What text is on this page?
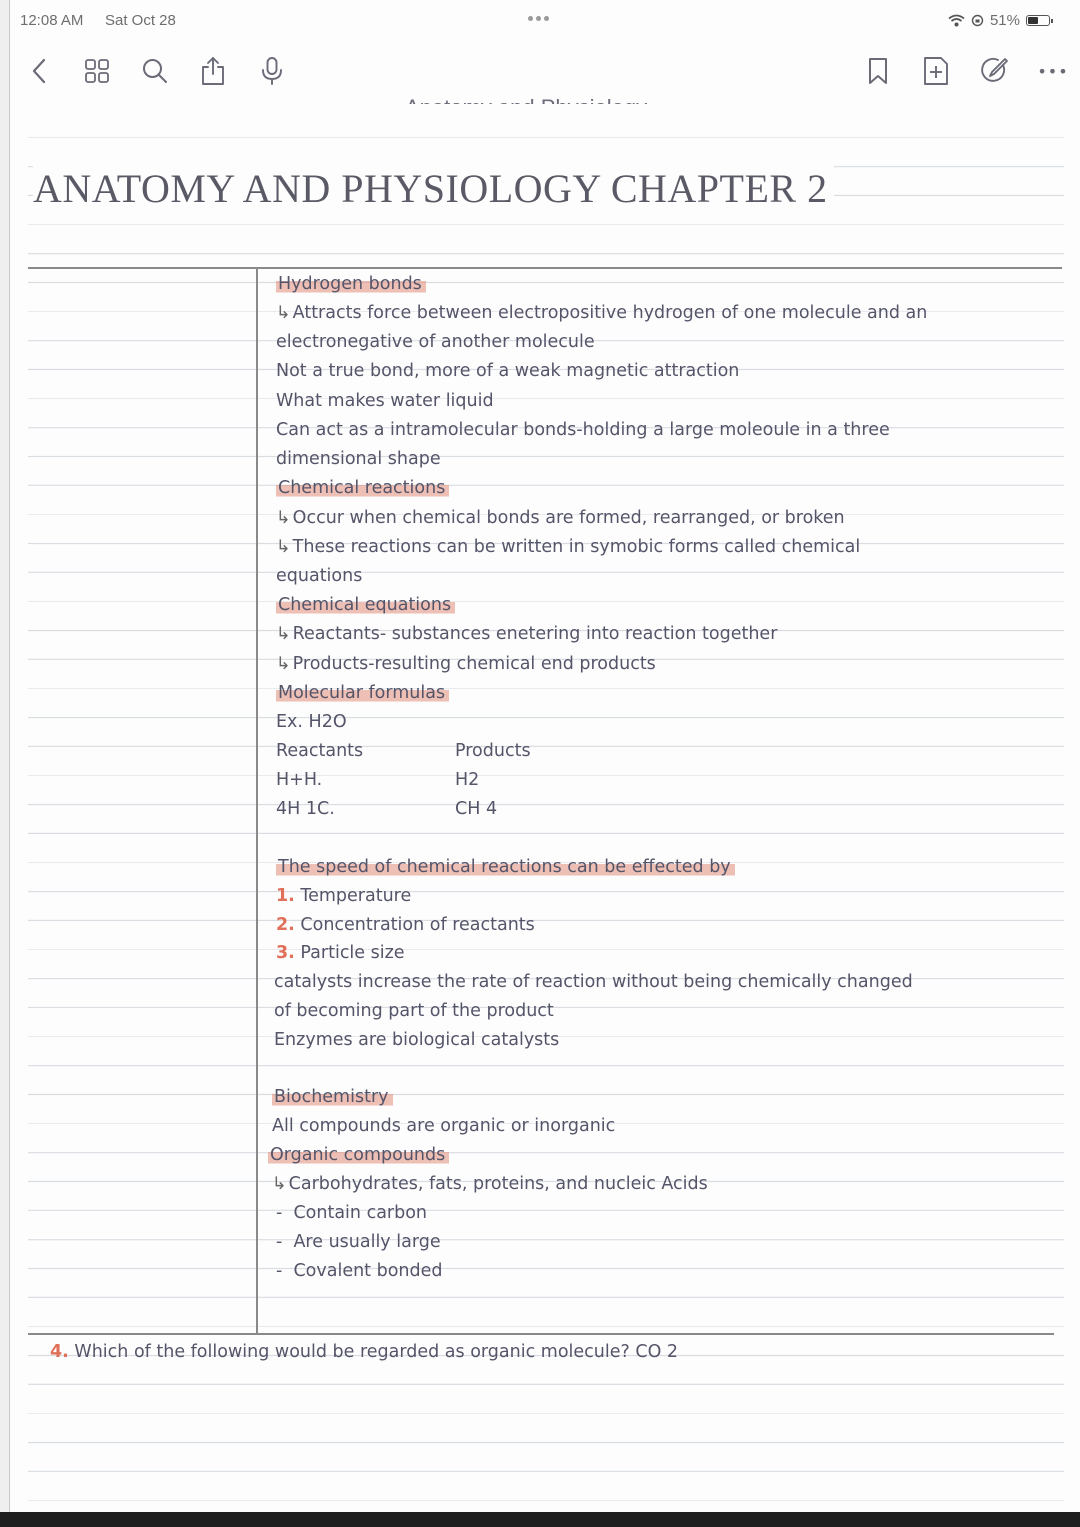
12:08 AM Sat Oct 28	51%
•••
ANATOMY AND PHYSIOLOGY CHAPTER 2
Hydrogen bonds
↳ Attracts force between electropositive hydrogen of one molecule and an
electronegative of another molecule
Not a true bond, more of a weak magnetic attraction
What makes water liquid
Can act as a intramolecular bonds-holding a large moleoule in a three
dimensional shape
Chemical reactions
↳ Occur when chemical bonds are formed, rearranged, or broken
↳ These reactions can be written in symobic forms called chemical
equations
Chemical equations
↳ Reactants- substances enetering into reaction together
↳ Products-resulting chemical end products
Molecular formulas
Ex. H2O
Reactants	Products
H+H.	H2
4H 1C.	CH 4
The speed of chemical reactions can be effected by
1. Temperature
2. Concentration of reactants
3. Particle size
catalysts increase the rate of reaction without being chemically changed
of becoming part of the product
Enzymes are biological catalysts
Biochemistry
All compounds are organic or inorganic
Organic compounds
↳ Carbohydrates, fats, proteins, and nucleic Acids
-  Contain carbon
-  Are usually large
-  Covalent bonded
4. Which of the following would be regarded as organic molecule? CO 2
